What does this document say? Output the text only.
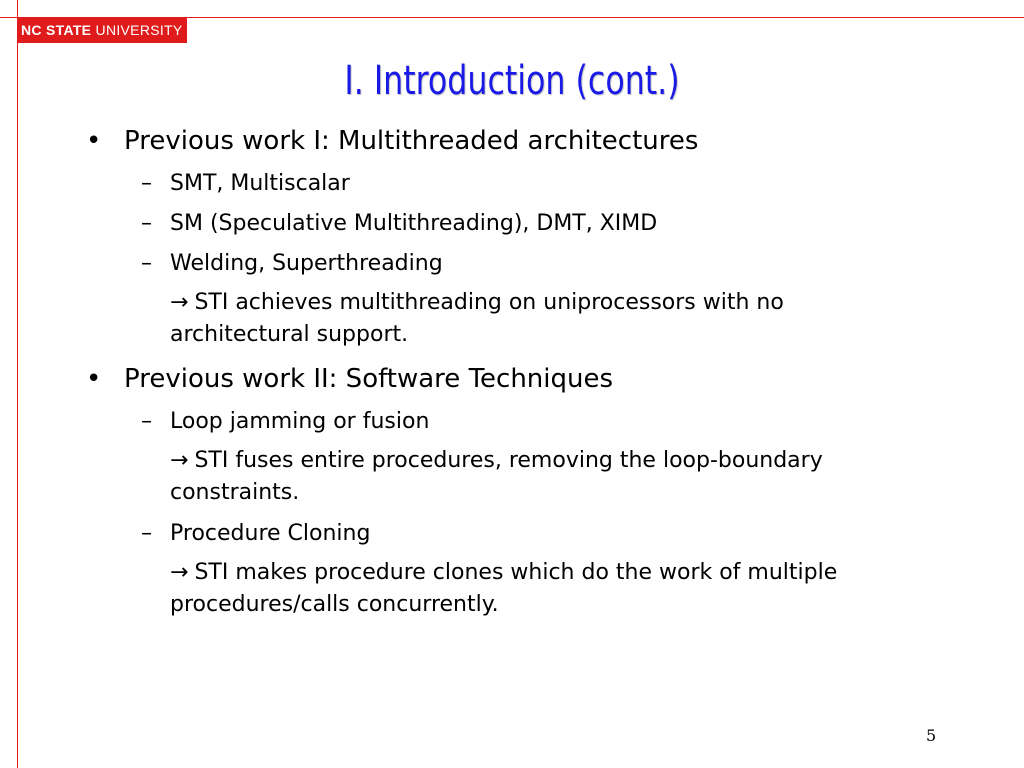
NC STATE UNIVERSITY
I. Introduction (cont.)
• Previous work I: Multithreaded architectures
– SMT, Multiscalar
– SM (Speculative Multithreading), DMT, XIMD
– Welding, Superthreading
→ STI achieves multithreading on uniprocessors with no architectural support.
• Previous work II: Software Techniques
– Loop jamming or fusion
→ STI fuses entire procedures, removing the loop-boundary constraints.
– Procedure Cloning
→ STI makes procedure clones which do the work of multiple procedures/calls concurrently.
5
